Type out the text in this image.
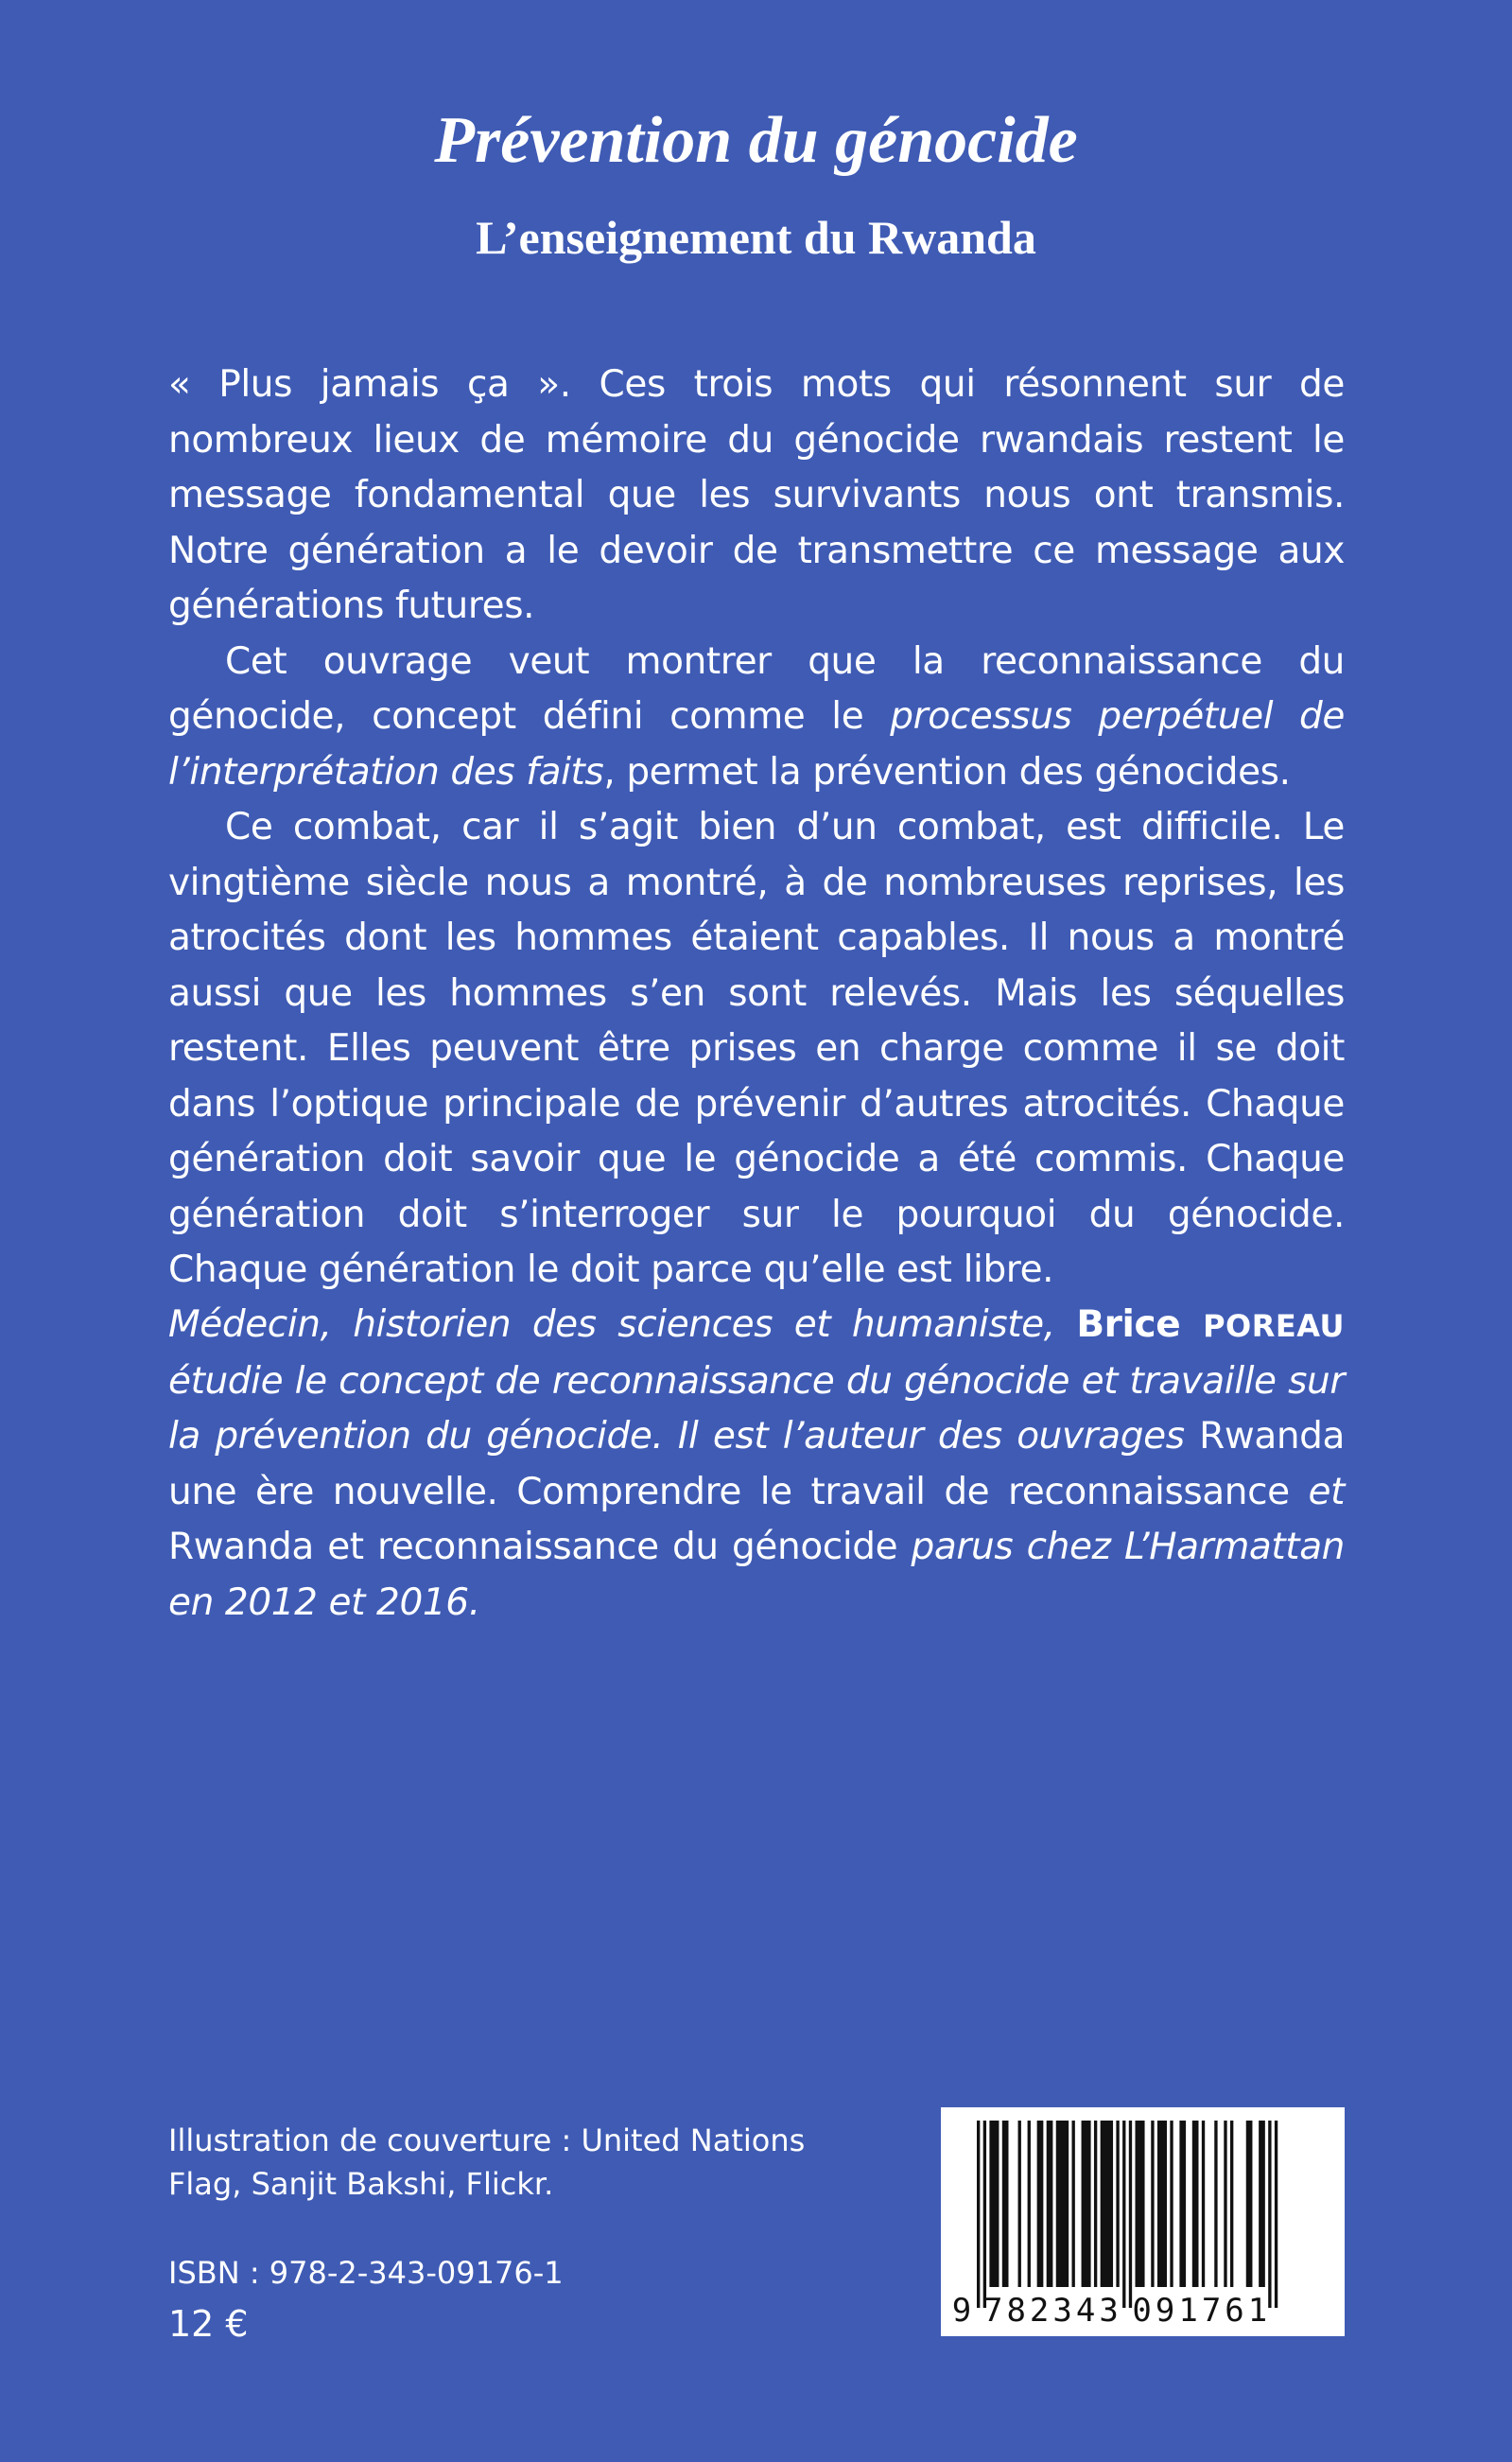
Prévention du génocide
L’enseignement du Rwanda

« Plus jamais ça ». Ces trois mots qui résonnent sur de nombreux lieux de mémoire du génocide rwandais restent le message fondamental que les survivants nous ont transmis. Notre génération a le devoir de transmettre ce message aux générations futures.

Cet ouvrage veut montrer que la reconnaissance du génocide, concept défini comme le processus perpétuel de l’interprétation des faits, permet la prévention des génocides.

Ce combat, car il s’agit bien d’un combat, est difficile. Le vingtième siècle nous a montré, à de nombreuses reprises, les atrocités dont les hommes étaient capables. Il nous a montré aussi que les hommes s’en sont relevés. Mais les séquelles restent. Elles peuvent être prises en charge comme il se doit dans l’optique principale de prévenir d’autres atrocités. Chaque génération doit savoir que le génocide a été commis. Chaque génération doit s’interroger sur le pourquoi du génocide. Chaque génération le doit parce qu’elle est libre.

Médecin, historien des sciences et humaniste, Brice POREAU étudie le concept de reconnaissance du génocide et travaille sur la prévention du génocide. Il est l’auteur des ouvrages Rwanda une ère nouvelle. Comprendre le travail de reconnaissance et Rwanda et reconnaissance du génocide parus chez L’Harmattan en 2012 et 2016.

Illustration de couverture : United Nations
Flag, Sanjit Bakshi, Flickr.
ISBN : 978-2-343-09176-1
12 €	9 782343 091761
